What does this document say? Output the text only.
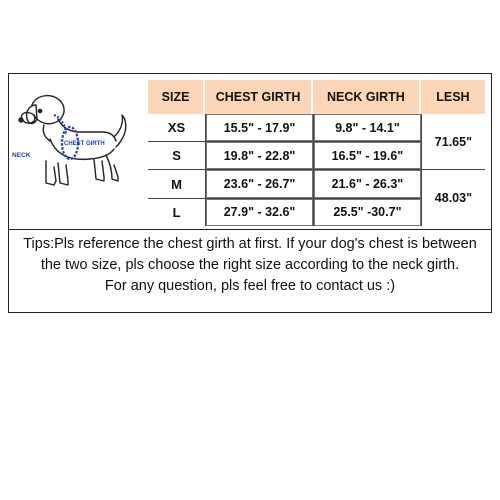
NECK
CHEST GIRTH
SIZE	CHEST GIRTH	NECK GIRTH	LESH
XS	15.5" - 17.9"	9.8" - 14.1"	71.65"
S	19.8" - 22.8"	16.5" - 19.6"	
M	23.6" - 26.7"	21.6" - 26.3"	48.03"
L	27.9" - 32.6"	25.5" -30.7"	
Tips:Pls reference the chest girth at first. If your dog's chest is between
the two size, pls choose the right size according to the neck girth.
For any question, pls feel free to contact us :)
